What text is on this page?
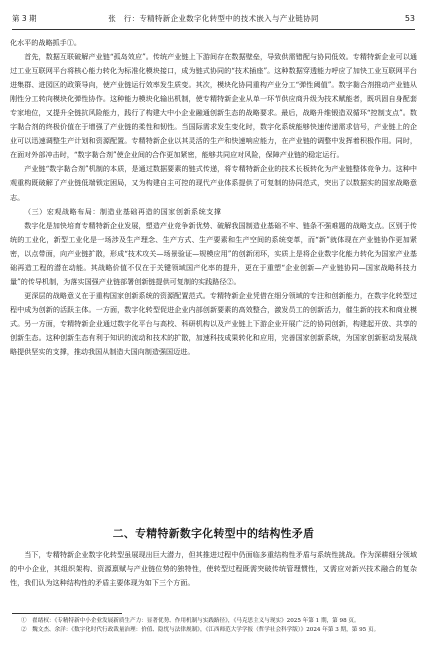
第 3 期	张　行：专精特新企业数字化转型中的技术嵌入与产业链协同	53

化水平的战略抓手①。

首先，数据互联破解产业链“孤岛效应”。传统产业链上下游间存在数据壁垒，导致供需错配与协同低效。专精特新企业可以通过工业互联网平台将核心能力转化为标准化模块接口，成为链式协同的“技术插座”。这种数据穿透能力呼应了加快工业互联网平台进集群、进园区的政策导向，使产业链运行效率发生质变。其次，模块化协同重构产业分工“弹性阈值”。数字黏合剂推动产业链从刚性分工转向模块化弹性协作。这种能力模块化输出机制，使专精特新企业从单一环节供应商升级为技术赋能者，既巩固自身配套专家地位，又提升全链抗风险能力，践行了构建大中小企业融通创新生态的战略要求。最后，战略升维锻造双循环“控制支点”。数字黏合剂的终极价值在于增强了产业链的柔性和韧性。当国际需求发生变化时，数字化系统能够快速传递需求信号，产业链上的企业可以迅速调整生产计划和资源配置。专精特新企业以其灵活的生产和快速响应能力，在产业链的调整中发挥着积极作用。同时，在面对外部冲击时，“数字黏合剂”使企业间的合作更加紧密，能够共同应对风险，保障产业链的稳定运行。

产业链“数字黏合剂”机制的本质，是通过数据要素的链式传递，将专精特新企业的技术长板转化为产业链整体竞争力。这种中观重构既破解了产业链低端锁定困局，又为构建自主可控的现代产业体系提供了可复制的协同范式，突出了以数据实的国家战略意志。

（三）宏观战略布局：制造业基础再造的国家创新系统支撑

数字化是加快培育专精特新企业发展，塑造产业竞争新优势、破解我国制造业基础不牢、链条不强难题的战略支点。区别于传统的工业化，新型工业化是一场涉及生产理念、生产方式、生产要素和生产空间的系统变革，而“新”就体现在产业链协作更加紧密，以点带面，向产业链扩散，形成“技术攻关—场景验证—规模应用”的创新闭环，实质上是将企业数字化能力转化为国家产业基础再造工程的潜在动能。其战略价值不仅在于关键领域国产化率的提升，更在于重塑“企业创新—产业链协同—国家战略科技力量”的传导机制，为落实国强产业链部署创新链提供可复制的实践路径②。

更深层的战略意义在于重构国家创新系统的资源配置范式。专精特新企业凭借在细分领域的专注和创新能力，在数字化转型过程中成为创新的活跃主体。一方面，数字化转型促进企业内部创新要素的高效整合，激发员工的创新活力，催生新的技术和商业模式。另一方面，专精特新企业通过数字化平台与高校、科研机构以及产业链上下游企业开展广泛的协同创新，构建起开放、共享的创新生态。这种创新生态有利于知识的流动和技术的扩散，加速科技成果转化和应用，完善国家创新系统，为国家创新驱动发展战略提供坚实的支撑，推动我国从制造大国向制造强国迈进。

二、专精特新数字化转型中的结构性矛盾

当下，专精特新企业数字化转型虽展现出巨大潜力，但其推进过程中仍面临多重结构性矛盾与系统性挑战。作为深耕细分领域的中小企业，其组织架构、资源禀赋与产业链位势的独特性，使转型过程既需突破传统管理惯性，又需应对新兴技术融合的复杂性，我们认为这种结构性的矛盾主要体现为如下三个方面。

①　翟绪权：《专精特新中小企业发展新质生产力：显著优势、作用机制与实践路径》，《马克思主义与现实》2025 年第 1 期，第 98 页。

②　魏文杰、余洋：《数字化时代行政裁量治理：价值、隐忧与法律规制》，《江西师范大学学报（哲学社会科学版）》2024 年第 3 期，第 95 页。
